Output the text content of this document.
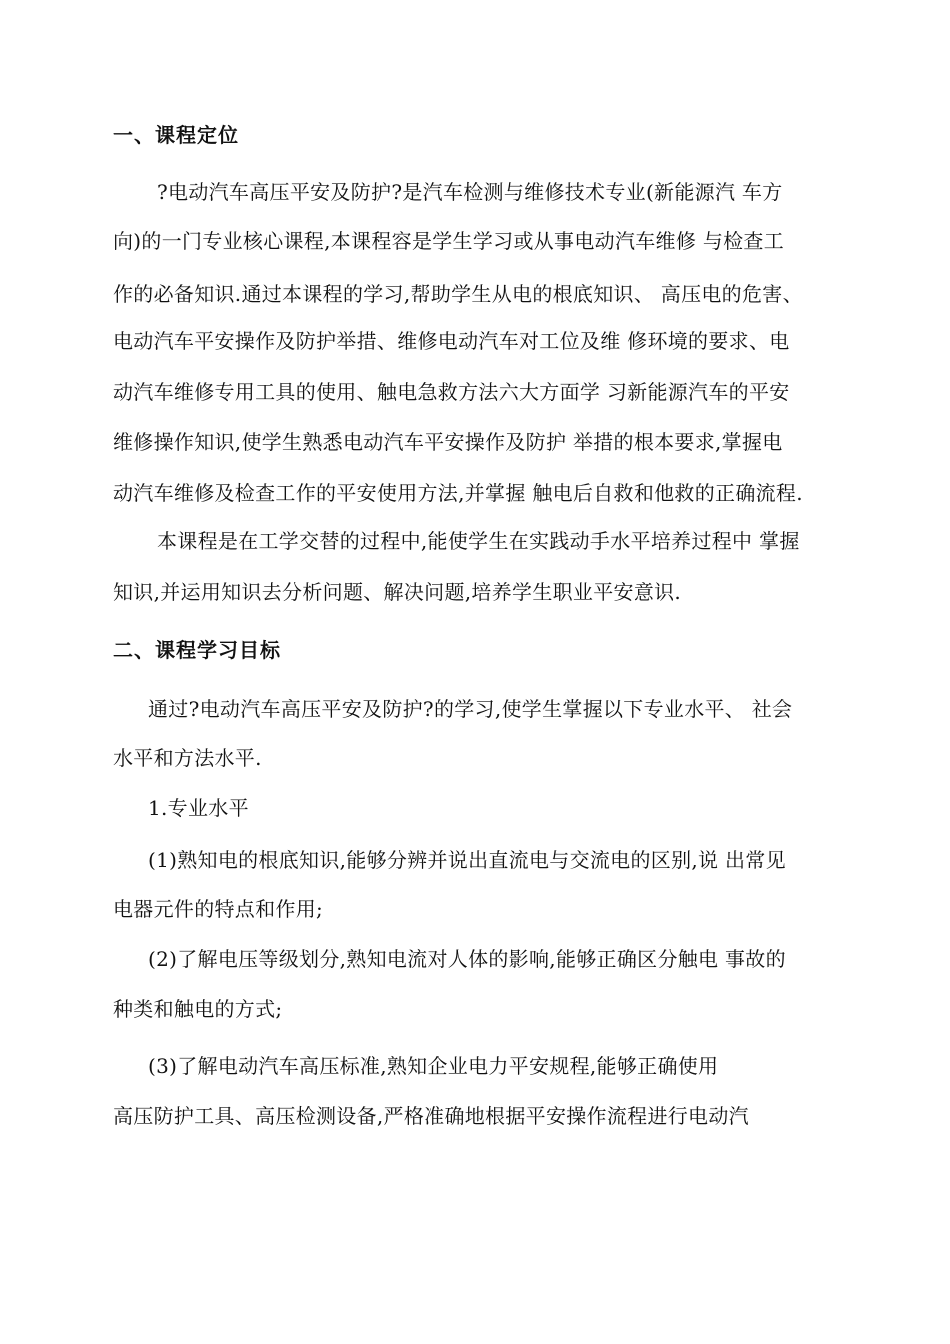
一、课程定位
?电动汽车高压平安及防护?是汽车检测与维修技术专业(新能源汽 车方
向)的一门专业核心课程,本课程容是学生学习或从事电动汽车维修 与检查工
作的必备知识.通过本课程的学习,帮助学生从电的根底知识、 高压电的危害、
电动汽车平安操作及防护举措、维修电动汽车对工位及维 修环境的要求、电
动汽车维修专用工具的使用、触电急救方法六大方面学 习新能源汽车的平安
维修操作知识,使学生熟悉电动汽车平安操作及防护 举措的根本要求,掌握电
动汽车维修及检查工作的平安使用方法,并掌握 触电后自救和他救的正确流程.
本课程是在工学交替的过程中,能使学生在实践动手水平培养过程中 掌握
知识,并运用知识去分析问题、解决问题,培养学生职业平安意识.
二、课程学习目标
通过?电动汽车高压平安及防护?的学习,使学生掌握以下专业水平、 社会
水平和方法水平.
1.专业水平
(1)熟知电的根底知识,能够分辨并说出直流电与交流电的区别,说 出常见
电器元件的特点和作用;
(2)了解电压等级划分,熟知电流对人体的影响,能够正确区分触电 事故的
种类和触电的方式;
(3)了解电动汽车高压标准,熟知企业电力平安规程,能够正确使用
高压防护工具、高压检测设备,严格准确地根据平安操作流程进行电动汽
